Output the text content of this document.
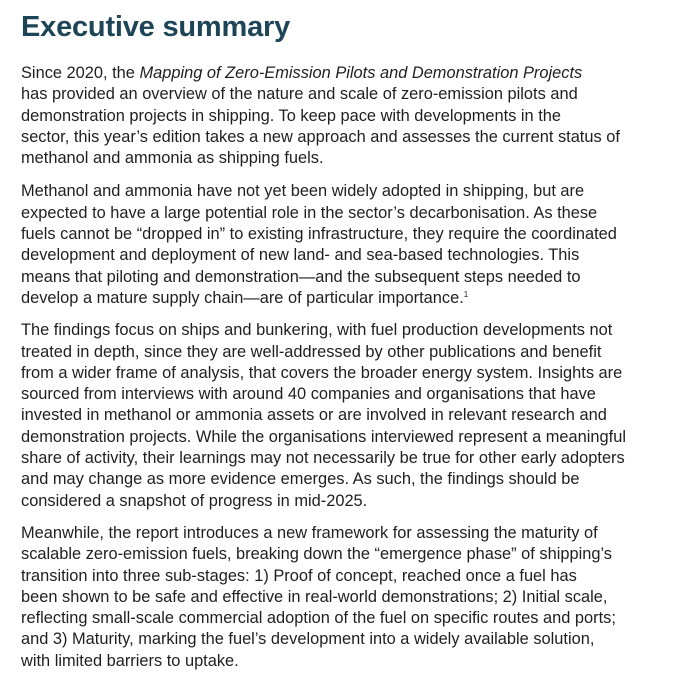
Executive summary

Since 2020, the Mapping of Zero-Emission Pilots and Demonstration Projects
has provided an overview of the nature and scale of zero-emission pilots and
demonstration projects in shipping. To keep pace with developments in the
sector, this year’s edition takes a new approach and assesses the current status of
methanol and ammonia as shipping fuels.

Methanol and ammonia have not yet been widely adopted in shipping, but are
expected to have a large potential role in the sector’s decarbonisation. As these
fuels cannot be “dropped in” to existing infrastructure, they require the coordinated
development and deployment of new land- and sea-based technologies. This
means that piloting and demonstration—and the subsequent steps needed to
develop a mature supply chain—are of particular importance.$^1$

The findings focus on ships and bunkering, with fuel production developments not
treated in depth, since they are well-addressed by other publications and benefit
from a wider frame of analysis, that covers the broader energy system. Insights are
sourced from interviews with around 40 companies and organisations that have
invested in methanol or ammonia assets or are involved in relevant research and
demonstration projects. While the organisations interviewed represent a meaningful
share of activity, their learnings may not necessarily be true for other early adopters
and may change as more evidence emerges. As such, the findings should be
considered a snapshot of progress in mid-2025.

Meanwhile, the report introduces a new framework for assessing the maturity of
scalable zero-emission fuels, breaking down the “emergence phase” of shipping’s
transition into three sub-stages: 1) Proof of concept, reached once a fuel has
been shown to be safe and effective in real-world demonstrations; 2) Initial scale,
reflecting small-scale commercial adoption of the fuel on specific routes and ports;
and 3) Maturity, marking the fuel’s development into a widely available solution,
with limited barriers to uptake.
